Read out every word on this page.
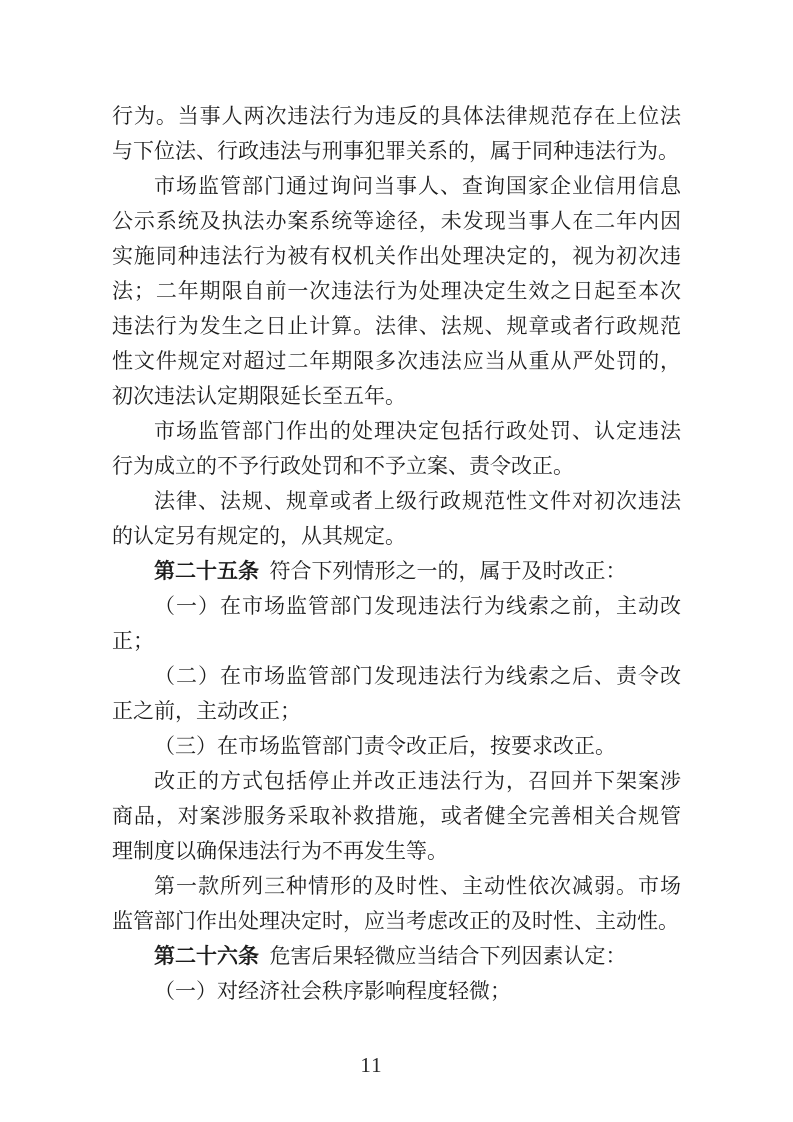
行为。当事人两次违法行为违反的具体法律规范存在上位法
与下位法、行政违法与刑事犯罪关系的，属于同种违法行为。

市场监管部门通过询问当事人、查询国家企业信用信息
公示系统及执法办案系统等途径，未发现当事人在二年内因
实施同种违法行为被有权机关作出处理决定的，视为初次违
法；二年期限自前一次违法行为处理决定生效之日起至本次
违法行为发生之日止计算。法律、法规、规章或者行政规范
性文件规定对超过二年期限多次违法应当从重从严处罚的，
初次违法认定期限延长至五年。

市场监管部门作出的处理决定包括行政处罚、认定违法
行为成立的不予行政处罚和不予立案、责令改正。

法律、法规、规章或者上级行政规范性文件对初次违法
的认定另有规定的，从其规定。

第二十五条 符合下列情形之一的，属于及时改正：

（一）在市场监管部门发现违法行为线索之前，主动改
正；

（二）在市场监管部门发现违法行为线索之后、责令改
正之前，主动改正；

（三）在市场监管部门责令改正后，按要求改正。

改正的方式包括停止并改正违法行为，召回并下架案涉
商品，对案涉服务采取补救措施，或者健全完善相关合规管
理制度以确保违法行为不再发生等。

第一款所列三种情形的及时性、主动性依次减弱。市场
监管部门作出处理决定时，应当考虑改正的及时性、主动性。

第二十六条 危害后果轻微应当结合下列因素认定：

（一）对经济社会秩序影响程度轻微；

11
